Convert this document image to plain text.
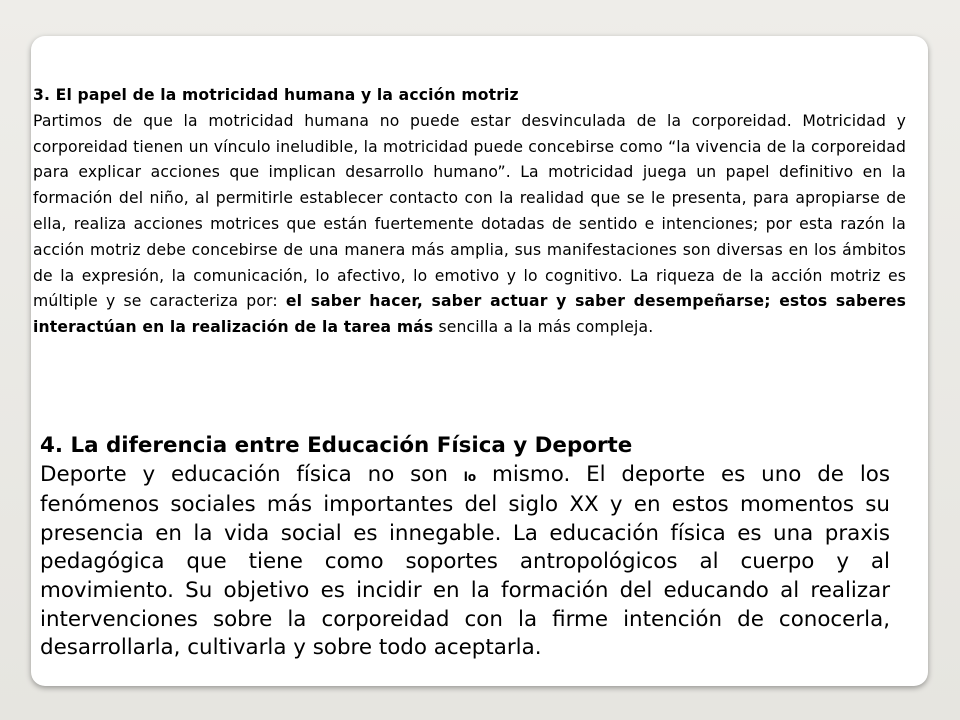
3. El papel de la motricidad humana y la acción motriz

Partimos de que la motricidad humana no puede estar desvinculada de la corporeidad. Motricidad y corporeidad tienen un vínculo ineludible, la motricidad puede concebirse como “la vivencia de la corporeidad para explicar acciones que implican desarrollo humano”. La motricidad juega un papel definitivo en la formación del niño, al permitirle establecer contacto con la realidad que se le presenta, para apropiarse de ella, realiza acciones motrices que están fuertemente dotadas de sentido e intenciones; por esta razón la acción motriz debe concebirse de una manera más amplia, sus manifestaciones son diversas en los ámbitos de la expresión, la comunicación, lo afectivo, lo emotivo y lo cognitivo. La riqueza de la acción motriz es múltiple y se caracteriza por: el saber hacer, saber actuar y saber desempeñarse; estos saberes interactúan en la realización de la tarea más sencilla a la más compleja.

4. La diferencia entre Educación Física y Deporte

Deporte y educación física no son lo mismo. El deporte es uno de los fenómenos sociales más importantes del siglo XX y en estos momentos su presencia en la vida social es innegable. La educación física es una praxis pedagógica que tiene como soportes antropológicos al cuerpo y al movimiento. Su objetivo es incidir en la formación del educando al realizar intervenciones sobre la corporeidad con la firme intención de conocerla, desarrollarla, cultivarla y sobre todo aceptarla.
